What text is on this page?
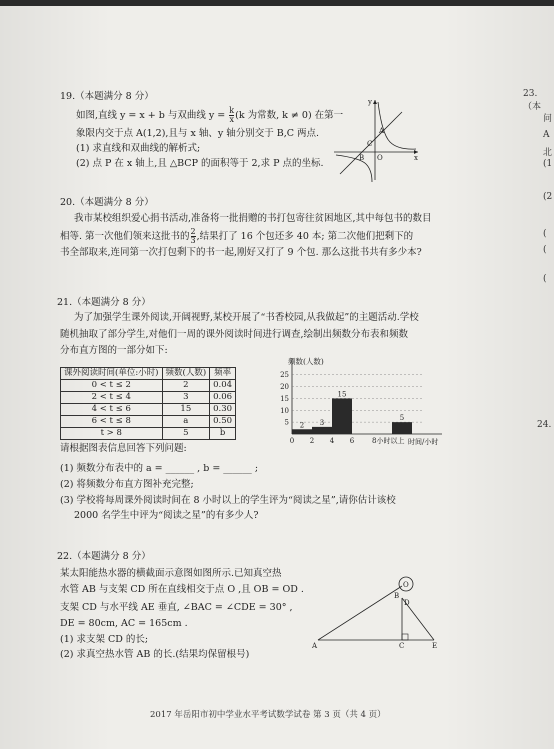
19.（本题满分 8 分）
如图,直线 y = x + b 与双曲线 $y = \frac{k}{x} (k$ 为常数, k ≠ 0) 在第一
象限内交于点 A(1,2),且与 x 轴、y 轴分别交于 B,C 两点.
(1) 求直线和双曲线的解析式;
(2) 点 P 在 x 轴上,且 △BCP 的面积等于 2,求 P 点的坐标.
y
x
A
C
B O
20.（本题满分 8 分）
我市某校组织爱心捐书活动,准备将一批捐赠的书打包寄往贫困地区,其中每包书的数目
相等. 第一次他们领来这批书的 $\frac{2}{3}$ ,结果打了 16 个包还多 40 本; 第二次他们把剩下的
书全部取来,连同第一次打包剩下的书一起,刚好又打了 9 个包. 那么这批书共有多少本?
21.（本题满分 8 分）
为了加强学生课外阅读,开阔视野,某校开展了“书香校园,从我做起”的主题活动.学校
随机抽取了部分学生,对他们一周的课外阅读时间进行调查,绘制出频数分布表和频数
分布直方图的一部分如下:
课外阅读时间(单位:小时)	频数(人数)	频率
0 < t ≤ 2	2	0.04
2 < t ≤ 4	3	0.06
4 < t ≤ 6	15	0.30
6 < t ≤ 8	a	0.50
t > 8	5	b
频数(人数)
5
10
15
20
25
0 2 4 6	8小时以上 时间/小时
2 3
15
5
请根据图表信息回答下列问题:
(1) 频数分布表中的 a = ______ , b = ______ ;
(2) 将频数分布直方图补充完整;
(3) 学校将每周课外阅读时间在 8 小时以上的学生评为“阅读之星”,请你估计该校
2000 名学生中评为“阅读之星”的有多少人?
22.（本题满分 8 分）
某太阳能热水器的横截面示意图如图所示.已知真空热
水管 AB 与支架 CD 所在直线相交于点 O ,且 OB = OD .
支架 CD 与水平线 AE 垂直, ∠BAC = ∠CDE = 30° ,
DE = 80cm, AC = 165cm .
(1) 求支架 CD 的长;
(2) 求真空热水管 AB 的长.(结果均保留根号)
O
B
D
A	C	E
23.（本
问
A
北
(1
(2
(
(
(
24.
2017 年岳阳市初中学业水平考试数学试卷 第 3 页（共 4 页）
